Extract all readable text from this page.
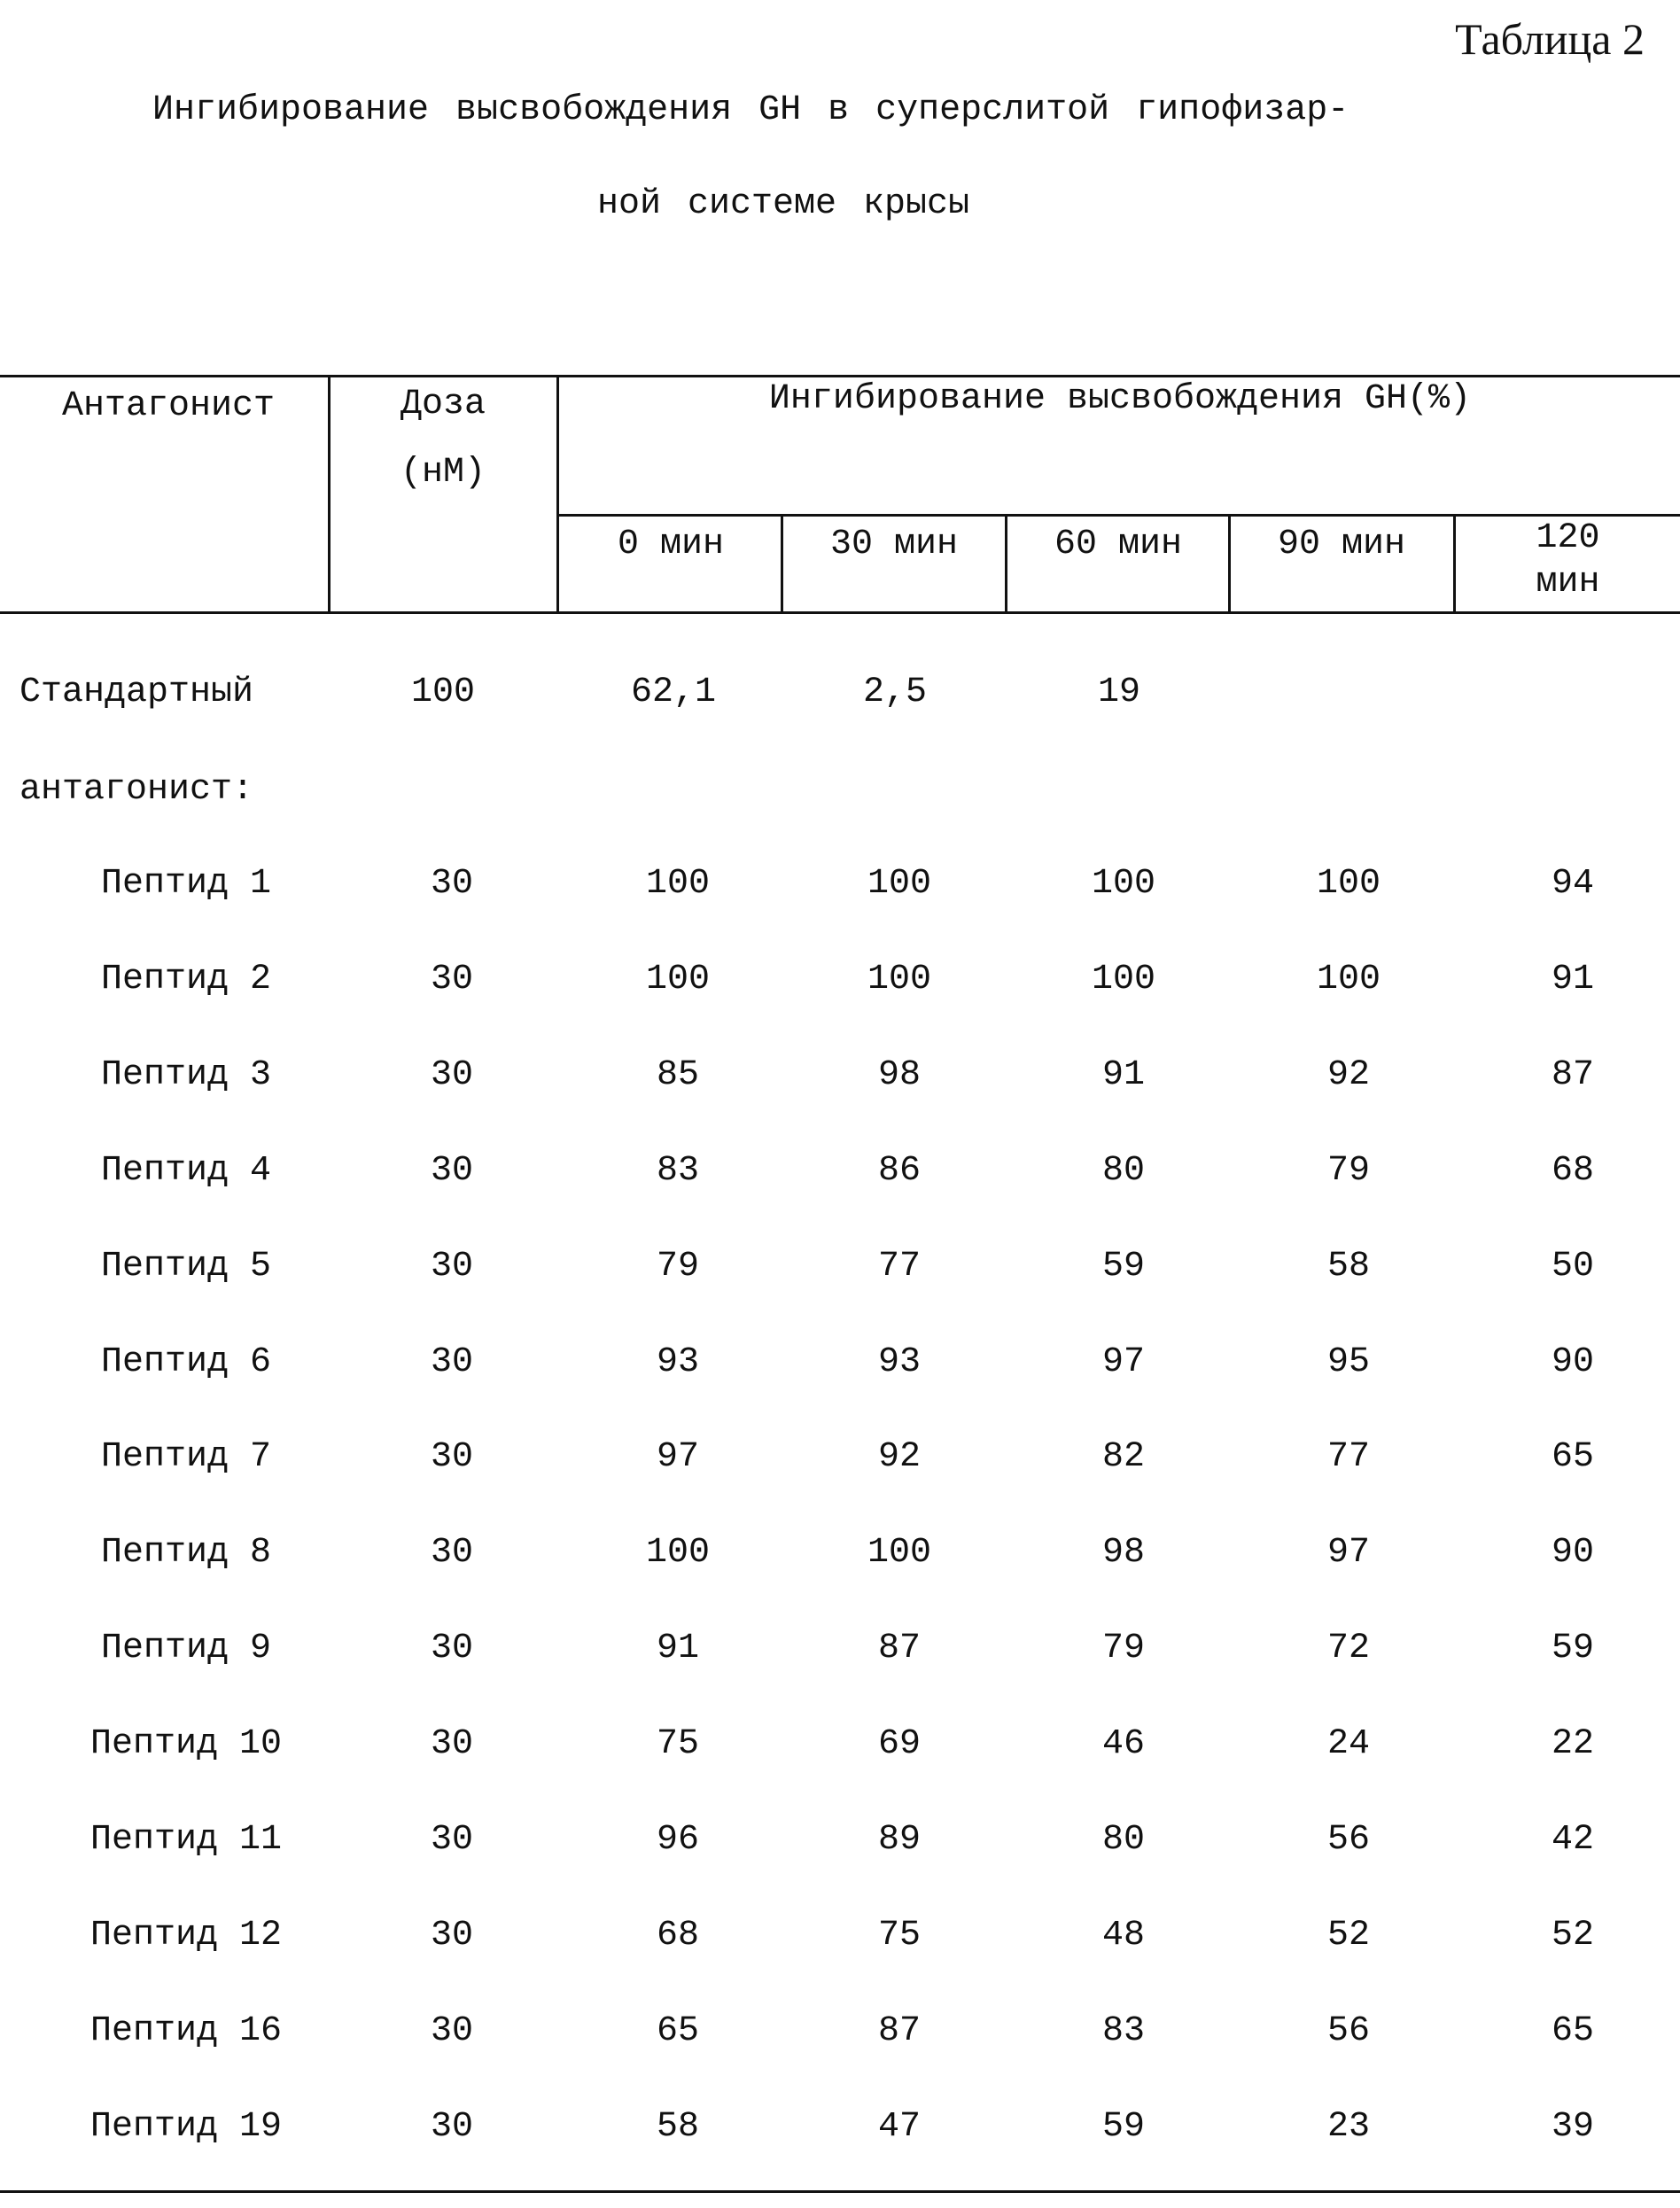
Таблица 2
Ингибирование высвобождения GH в суперслитой гипофизар-
ной системе крысы
Антагонист	Доза
(нМ)
Ингибирование высвобождения GH(%)
0 мин	30 мин	60 мин	90 мин	120
мин
Стандартный	100	62,1	2,5	19
антагонист:
Пептид 1	30	100	100	100	100	94
Пептид 2	30	100	100	100	100	91
Пептид 3	30	85	98	91	92	87
Пептид 4	30	83	86	80	79	68
Пептид 5	30	79	77	59	58	50
Пептид 6	30	93	93	97	95	90
Пептид 7	30	97	92	82	77	65
Пептид 8	30	100	100	98	97	90
Пептид 9	30	91	87	79	72	59
Пептид 10	30	75	69	46	24	22
Пептид 11	30	96	89	80	56	42
Пептид 12	30	68	75	48	52	52
Пептид 16	30	65	87	83	56	65
Пептид 19	30	58	47	59	23	39
